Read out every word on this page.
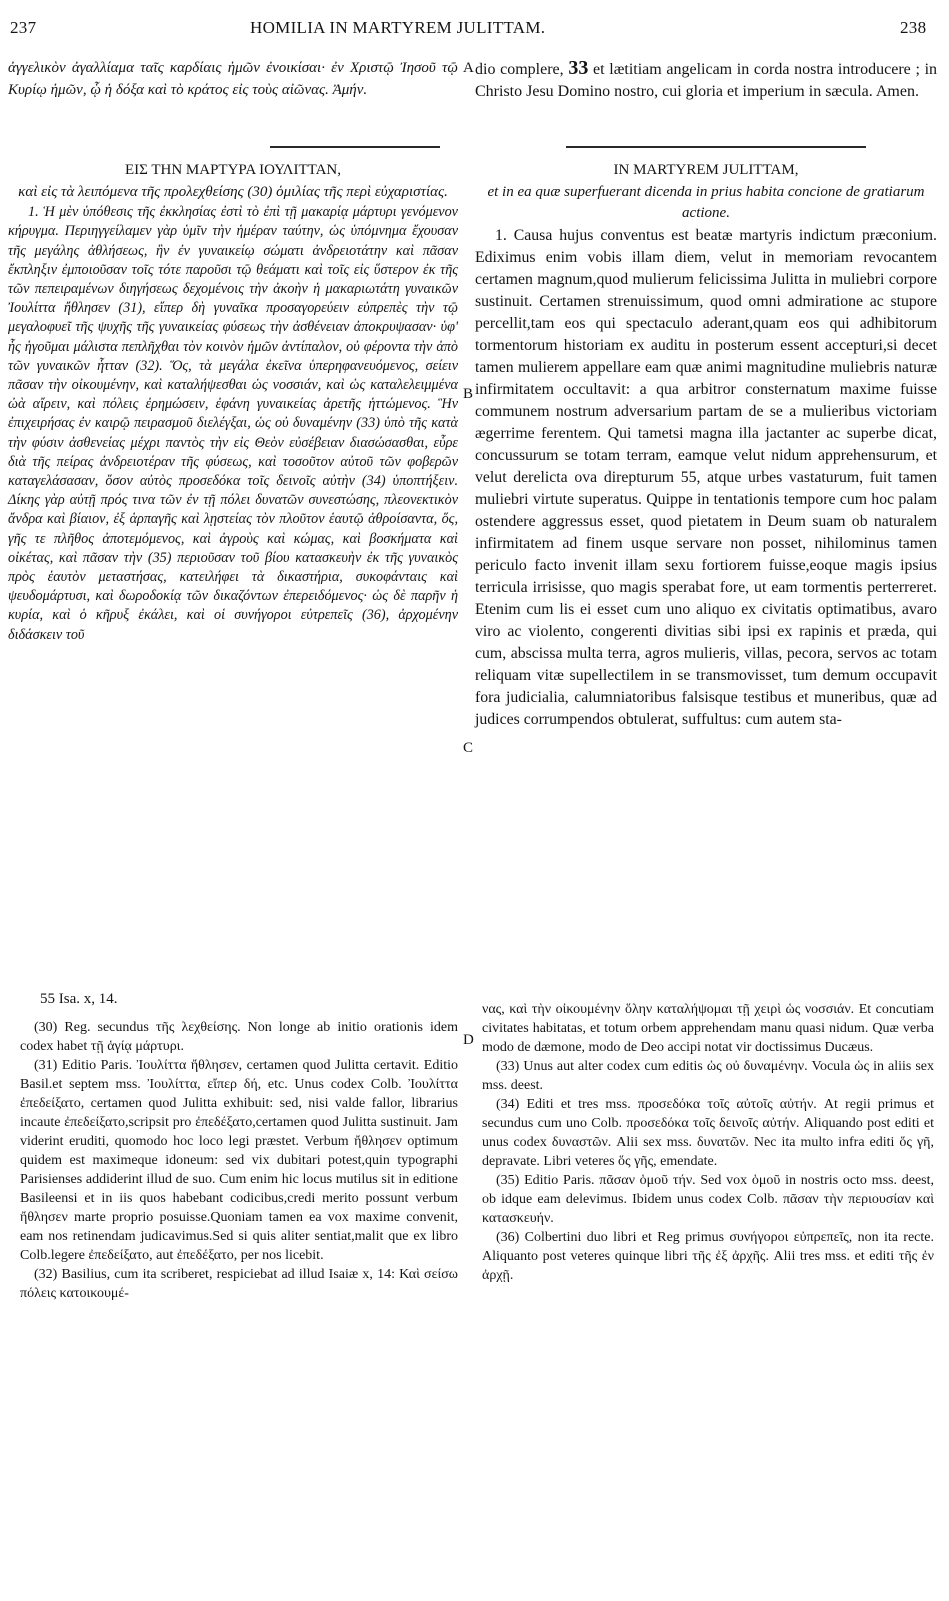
237	HOMILIA IN MARTYREM JULITTAM.	238
ἀγγελικὸν ἀγαλλίαμα ταῖς καρδίαις ἡμῶν ἐνοικίσαι· ἐν Χριστῷ Ἰησοῦ τῷ Κυρίῳ ἡμῶν, ᾧ ἡ δόξα καὶ τὸ κράτος εἰς τοὺς αἰῶνας. Ἀμήν.
A dio complere, 33 et lætitiam angelicam in corda nostra introducere ; in Christo Jesu Domino nostro, cui gloria et imperium in sæcula. Amen.

ΕΙΣ ΤΗΝ ΜΑΡΤΥΡΑ ΙΟΥΛΙΤΤΑΝ,

καὶ εἰς τὰ λειπόμενα τῆς προλεχθείσης (30) ὁμιλίας τῆς περὶ εὐχαριστίας.

1. Ἡ μὲν ὑπόθεσις τῆς ἐκκλησίας ἐστὶ τὸ ἐπὶ τῇ μακαρίᾳ μάρτυρι γενόμενον κήρυγμα. Περιηγγείλαμεν γὰρ ὑμῖν τὴν ἡμέραν ταύτην, ὡς ὑπόμνημα ἔχουσαν τῆς μεγάλης ἀθλήσεως, ἣν ἐν γυναικείῳ σώματι ἀνδρειοτάτην καὶ πᾶσαν ἔκπληξιν ἐμποιοῦσαν τοῖς τότε παροῦσι τῷ θεάματι καὶ τοῖς εἰς ὕστερον ἐκ τῆς τῶν πεπειραμένων διηγήσεως δεχομένοις τὴν ἀκοὴν ἡ μακαριωτάτη γυναικῶν Ἰουλίττα ἤθλησεν (31), εἴπερ δὴ γυναῖκα προσαγορεύειν εὐπρεπὲς τὴν τῷ μεγαλοφυεῖ τῆς ψυχῆς τῆς γυναικείας φύσεως τὴν ἀσθένειαν ἀποκρυψασαν· ὑφ' ἧς ἡγοῦμαι μάλιστα πεπλῆχθαι τὸν κοινὸν ἡμῶν ἀντίπαλον, οὐ φέροντα τὴν ἀπὸ τῶν γυναικῶν ἧτταν (32). Ὅς, τὰ μεγάλα ἐκεῖνα ὑπερηφανευόμενος, σείειν πᾶσαν τὴν οἰκουμένην, καὶ καταλήψεσθαι ὡς νοσσιάν, καὶ ὡς καταλελειμμένα ὠὰ αἴρειν, καὶ πόλεις ἐρημώσειν, ἐφάνη γυναικείας ἀρετῆς ἡττώμενος. Ἣν ἐπιχειρήσας ἐν καιρῷ πειρασμοῦ διελέγξαι, ὡς οὐ δυναμένην (33) ὑπὸ τῆς κατὰ τὴν φύσιν ἀσθενείας μέχρι παντὸς τὴν εἰς Θεὸν εὐσέβειαν διασώσασθαι, εὗρε διὰ τῆς πείρας ἀνδρειοτέραν τῆς φύσεως, καὶ τοσοῦτον αὐτοῦ τῶν φοβερῶν καταγελάσασαν, ὅσον αὐτὸς προσεδόκα τοῖς δεινοῖς αὐτὴν (34) ὑποπτήξειν. Δίκης γὰρ αὐτῇ πρός τινα τῶν ἐν τῇ πόλει δυνατῶν συνεστώσης, πλεονεκτικὸν ἄνδρα καὶ βίαιον, ἐξ ἁρπαγῆς καὶ λῃστείας τὸν πλοῦτον ἑαυτῷ ἀθροίσαντα, ὅς, γῆς τε πλῆθος ἀποτεμόμενος, καὶ ἀγροὺς καὶ κώμας, καὶ βοσκήματα καὶ οἰκέτας, καὶ πᾶσαν τὴν (35) περιοῦσαν τοῦ βίου κατασκευὴν ἐκ τῆς γυναικὸς πρὸς ἑαυτὸν μεταστήσας, κατειλήφει τὰ δικαστήρια, συκοφάνταις καὶ ψευδομάρτυσι, καὶ δωροδοκίᾳ τῶν δικαζόντων ἐπερειδόμενος· ὡς δὲ παρῆν ἡ κυρία, καὶ ὁ κῆρυξ ἐκάλει, καὶ οἱ συνήγοροι εὐτρεπεῖς (36), ἀρχομένην διδάσκειν τοῦ

B
C
D

IN MARTYREM JULITTAM,

et in ea quæ superfuerant dicenda in prius habita concione de gratiarum actione.

1. Causa hujus conventus est beatæ martyris indictum præconium. Ediximus enim vobis illam diem, velut in memoriam revocantem certamen magnum,quod mulierum felicissima Julitta in muliebri corpore sustinuit. Certamen strenuissimum, quod omni admiratione ac stupore percellit,tam eos qui spectaculo aderant,quam eos qui adhibitorum tormentorum historiam ex auditu in posterum essent accepturi,si decet tamen mulierem appellare eam quæ animi magnitudine muliebris naturæ infirmitatem occultavit: a qua arbitror consternatum maxime fuisse communem nostrum adversarium partam de se a mulieribus victoriam ægerrime ferentem. Qui tametsi magna illa jactanter ac superbe dicat, concussurum se totam terram, eamque velut nidum apprehensurum, et velut derelicta ova direpturum 55, atque urbes vastaturum, fuit tamen muliebri virtute superatus. Quippe in tentationis tempore cum hoc palam ostendere aggressus esset, quod pietatem in Deum suam ob naturalem infirmitatem ad finem usque servare non posset, nihilominus tamen periculo facto invenit illam sexu fortiorem fuisse,eoque magis ipsius terricula irrisisse, quo magis sperabat fore, ut eam tormentis perterreret. Etenim cum lis ei esset cum uno aliquo ex civitatis optimatibus, avaro viro ac violento, congerenti divitias sibi ipsi ex rapinis et præda, qui cum, abscissa multa terra, agros mulieris, villas, pecora, servos ac totam reliquam vitæ supellectilem in se transmovisset, tum demum occupavit fora judicialia, calumniatoribus falsisque testibus et muneribus, quæ ad judices corrumpendos obtulerat, suffultus: cum autem sta-

55 Isa. x, 14.

(30) Reg. secundus τῆς λεχθείσης. Non longe ab initio orationis idem codex habet τῇ ἁγίᾳ μάρτυρι.

(31) Editio Paris. Ἰουλίττα ἤθλησεν, certamen quod Julitta certavit. Editio Basil.et septem mss. Ἰουλίττα, εἴπερ δή, etc. Unus codex Colb. Ἰουλίττα ἐπεδείξατο, certamen quod Julitta exhibuit: sed, nisi valde fallor, librarius incaute ἐπεδείξατο,scripsit pro ἐπεδέξατο,certamen quod Julitta sustinuit. Jam viderint eruditi, quomodo hoc loco legi præstet. Verbum ἤθλησεν optimum quidem est maximeque idoneum: sed vix dubitari potest,quin typographi Parisienses addiderint illud de suo. Cum enim hic locus mutilus sit in editione Basileensi et in iis quos habebant codicibus,credi merito possunt verbum ἤθλησεν marte proprio posuisse.Quoniam tamen ea vox maxime convenit, eam nos retinendam judicavimus.Sed si quis aliter sentiat,malit que ex libro Colb.legere ἐπεδείξατο, aut ἐπεδέξατο, per nos licebit.

(32) Basilius, cum ita scriberet, respiciebat ad illud Isaiæ x, 14: Καὶ σείσω πόλεις κατοικουμέ-

νας, καὶ τὴν οἰκουμένην ὅλην καταλήψομαι τῇ χειρὶ ὡς νοσσιάν. Et concutiam civitates habitatas, et totum orbem apprehendam manu quasi nidum. Quæ verba modo de dæmone, modo de Deo accipi notat vir doctissimus Ducæus.

(33) Unus aut alter codex cum editis ὡς οὐ δυναμένην. Vocula ὡς in aliis sex mss. deest.

(34) Editi et tres mss. προσεδόκα τοῖς αὐτοῖς αὐτήν. At regii primus et secundus cum uno Colb. προσεδόκα τοῖς δεινοῖς αὐτήν. Aliquando post editi et unus codex δυναστῶν. Alii sex mss. δυνατῶν. Nec ita multo infra editi ὅς γῆ, depravate. Libri veteres ὅς γῆς, emendate.

(35) Editio Paris. πᾶσαν ὁμοῦ τήν. Sed vox ὁμοῦ in nostris octo mss. deest, ob idque eam delevimus. Ibidem unus codex Colb. πᾶσαν τὴν περιουσίαν καὶ κατασκευήν.

(36) Colbertini duo libri et Reg primus συνήγοροι εὐπρεπεῖς, non ita recte. Aliquanto post veteres quinque libri τῆς ἐξ ἀρχῆς. Alii tres mss. et editi τῆς ἐν ἀρχῇ.
